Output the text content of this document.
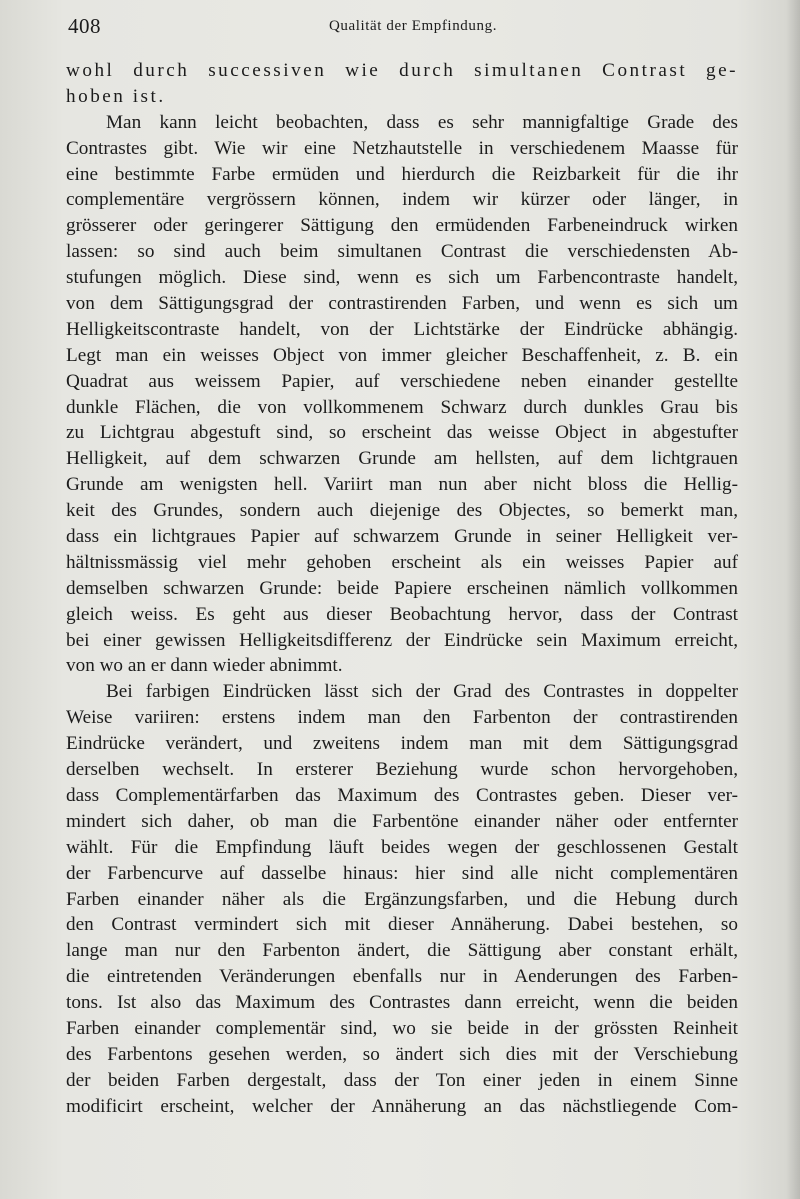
408	Qualität der Empfindung.
wohl durch successiven wie durch simultanen Contrast ge-
hoben ist.
Man kann leicht beobachten, dass es sehr mannigfaltige Grade des
Contrastes gibt. Wie wir eine Netzhautstelle in verschiedenem Maasse für
eine bestimmte Farbe ermüden und hierdurch die Reizbarkeit für die ihr
complementäre vergrössern können, indem wir kürzer oder länger, in
grösserer oder geringerer Sättigung den ermüdenden Farbeneindruck wirken
lassen: so sind auch beim simultanen Contrast die verschiedensten Ab-
stufungen möglich. Diese sind, wenn es sich um Farbencontraste handelt,
von dem Sättigungsgrad der contrastirenden Farben, und wenn es sich um
Helligkeitscontraste handelt, von der Lichtstärke der Eindrücke abhängig.
Legt man ein weisses Object von immer gleicher Beschaffenheit, z. B. ein
Quadrat aus weissem Papier, auf verschiedene neben einander gestellte
dunkle Flächen, die von vollkommenem Schwarz durch dunkles Grau bis
zu Lichtgrau abgestuft sind, so erscheint das weisse Object in abgestufter
Helligkeit, auf dem schwarzen Grunde am hellsten, auf dem lichtgrauen
Grunde am wenigsten hell. Variirt man nun aber nicht bloss die Hellig-
keit des Grundes, sondern auch diejenige des Objectes, so bemerkt man,
dass ein lichtgraues Papier auf schwarzem Grunde in seiner Helligkeit ver-
hältnissmässig viel mehr gehoben erscheint als ein weisses Papier auf
demselben schwarzen Grunde: beide Papiere erscheinen nämlich vollkommen
gleich weiss. Es geht aus dieser Beobachtung hervor, dass der Contrast
bei einer gewissen Helligkeitsdifferenz der Eindrücke sein Maximum erreicht,
von wo an er dann wieder abnimmt.
Bei farbigen Eindrücken lässt sich der Grad des Contrastes in doppelter
Weise variiren: erstens indem man den Farbenton der contrastirenden
Eindrücke verändert, und zweitens indem man mit dem Sättigungsgrad
derselben wechselt. In ersterer Beziehung wurde schon hervorgehoben,
dass Complementärfarben das Maximum des Contrastes geben. Dieser ver-
mindert sich daher, ob man die Farbentöne einander näher oder entfernter
wählt. Für die Empfindung läuft beides wegen der geschlossenen Gestalt
der Farbencurve auf dasselbe hinaus: hier sind alle nicht complementären
Farben einander näher als die Ergänzungsfarben, und die Hebung durch
den Contrast vermindert sich mit dieser Annäherung. Dabei bestehen, so
lange man nur den Farbenton ändert, die Sättigung aber constant erhält,
die eintretenden Veränderungen ebenfalls nur in Aenderungen des Farben-
tons. Ist also das Maximum des Contrastes dann erreicht, wenn die beiden
Farben einander complementär sind, wo sie beide in der grössten Reinheit
des Farbentons gesehen werden, so ändert sich dies mit der Verschiebung
der beiden Farben dergestalt, dass der Ton einer jeden in einem Sinne
modificirt erscheint, welcher der Annäherung an das nächstliegende Com-
